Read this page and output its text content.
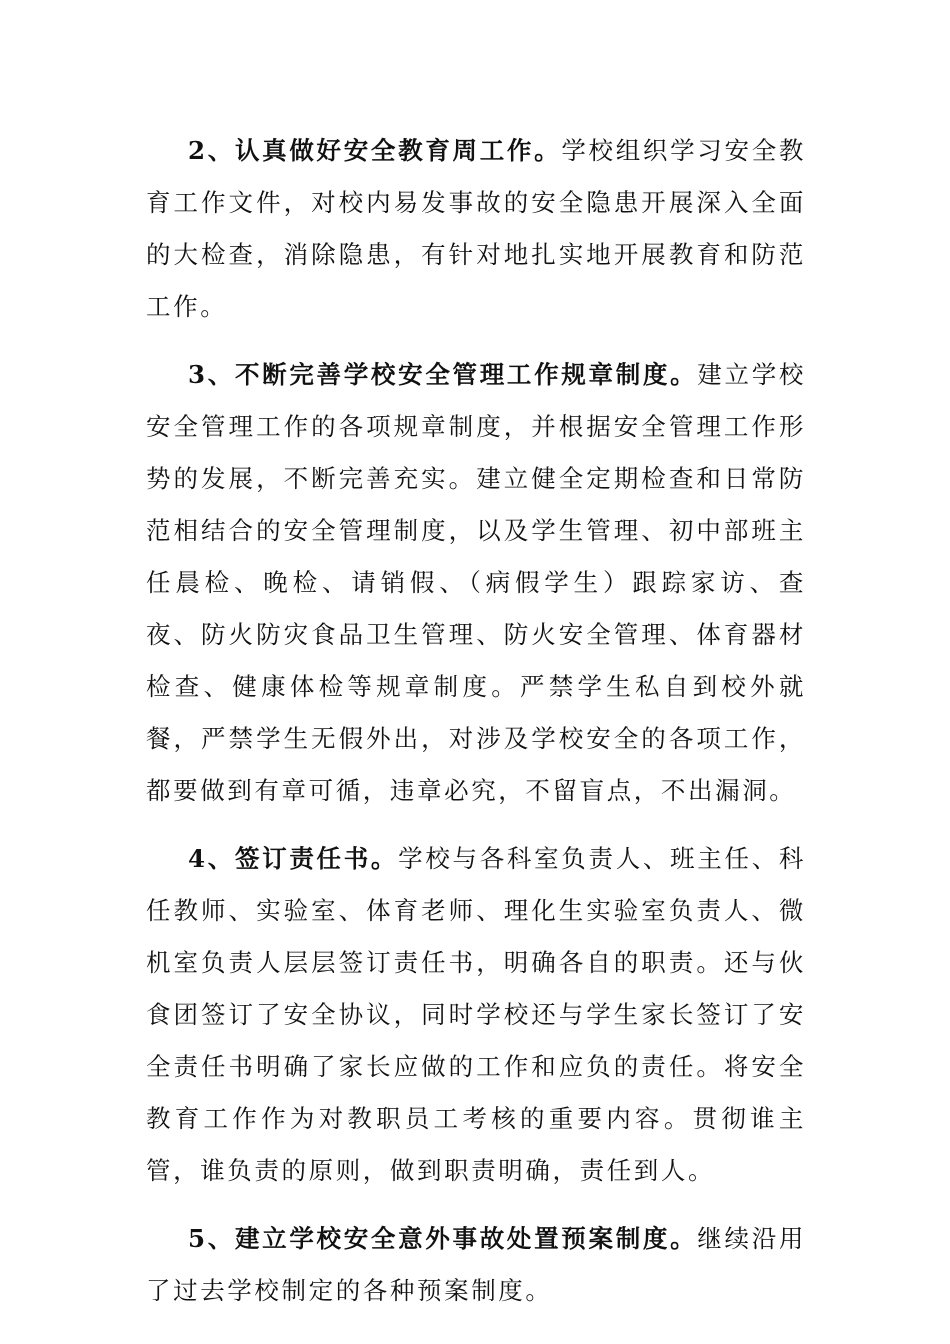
2、认真做好安全教育周工作。学校组织学习安全教育工作文件，对校内易发事故的安全隐患开展深入全面的大检查，消除隐患，有针对地扎实地开展教育和防范工作。

3、不断完善学校安全管理工作规章制度。建立学校安全管理工作的各项规章制度，并根据安全管理工作形势的发展，不断完善充实。建立健全定期检查和日常防范相结合的安全管理制度，以及学生管理、初中部班主任晨检、晚检、请销假、（病假学生）跟踪家访、查夜、防火防灾食品卫生管理、防火安全管理、体育器材检查、健康体检等规章制度。严禁学生私自到校外就餐，严禁学生无假外出，对涉及学校安全的各项工作，都要做到有章可循，违章必究，不留盲点，不出漏洞。

4、签订责任书。学校与各科室负责人、班主任、科任教师、实验室、体育老师、理化生实验室负责人、微机室负责人层层签订责任书，明确各自的职责。还与伙食团签订了安全协议，同时学校还与学生家长签订了安全责任书明确了家长应做的工作和应负的责任。将安全教育工作作为对教职员工考核的重要内容。贯彻谁主管，谁负责的原则，做到职责明确，责任到人。

5、建立学校安全意外事故处置预案制度。继续沿用了过去学校制定的各种预案制度。
